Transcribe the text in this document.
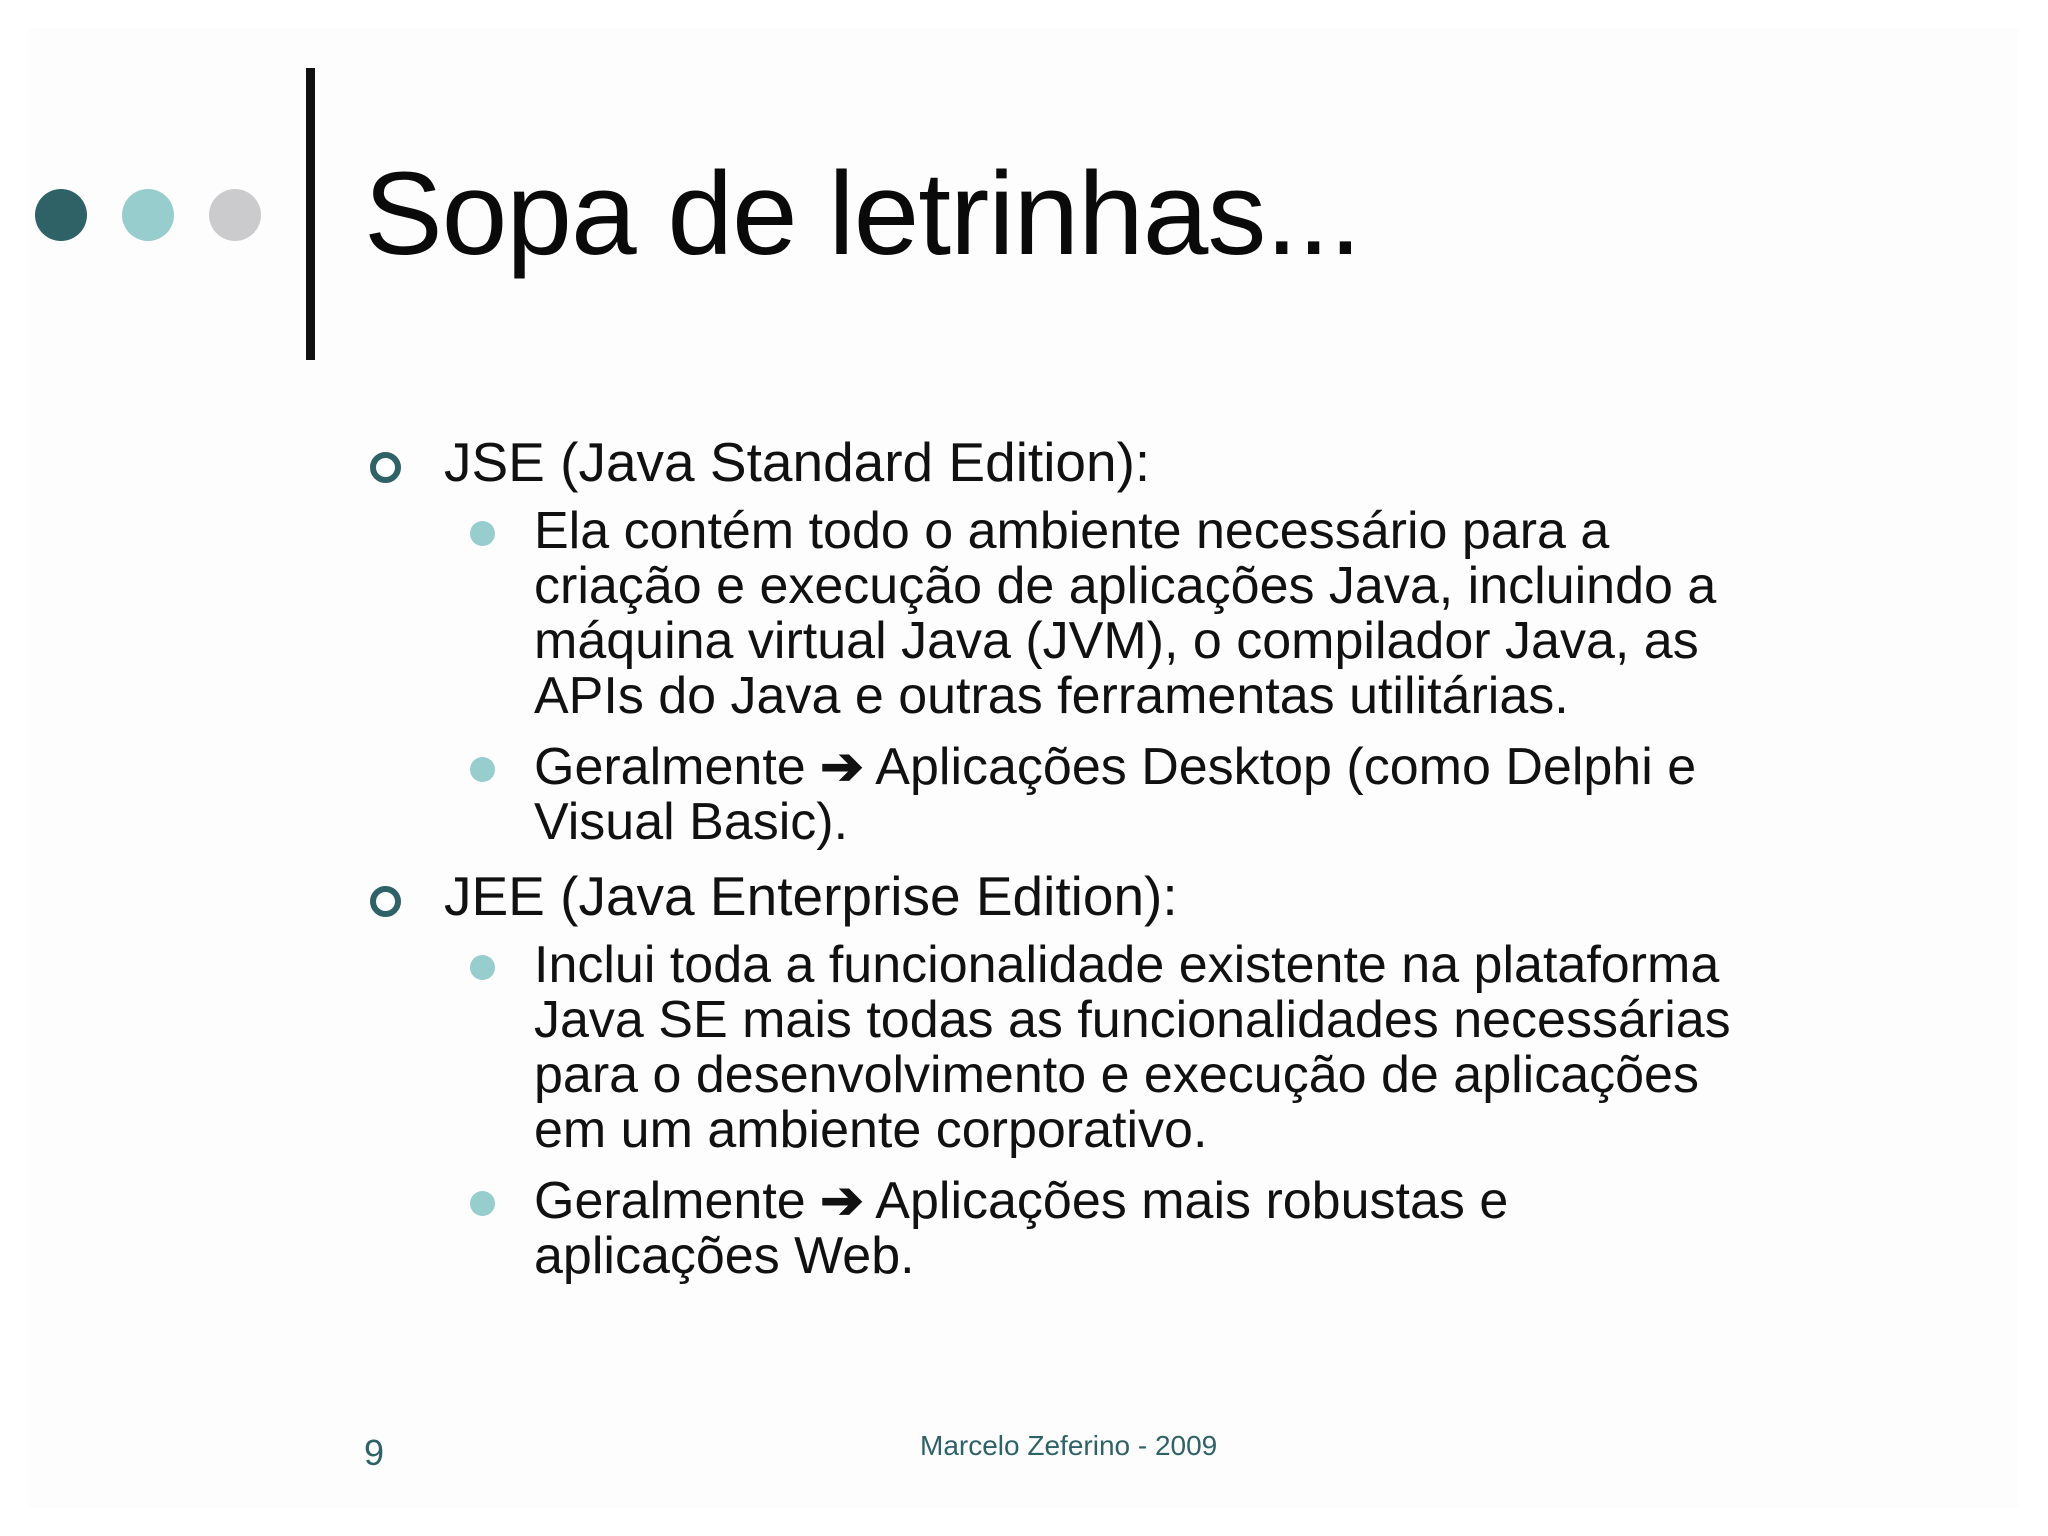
Sopa de letrinhas...
JSE (Java Standard Edition):
Ela contém todo o ambiente necessário para a
criação e execução de aplicações Java, incluindo a
máquina virtual Java (JVM), o compilador Java, as
APIs do Java e outras ferramentas utilitárias.
Geralmente ➔ Aplicações Desktop (como Delphi e
Visual Basic).
JEE (Java Enterprise Edition):
Inclui toda a funcionalidade existente na plataforma
Java SE mais todas as funcionalidades necessárias
para o desenvolvimento e execução de aplicações
em um ambiente corporativo.
Geralmente ➔ Aplicações mais robustas e
aplicações Web.
9	Marcelo Zeferino - 2009
